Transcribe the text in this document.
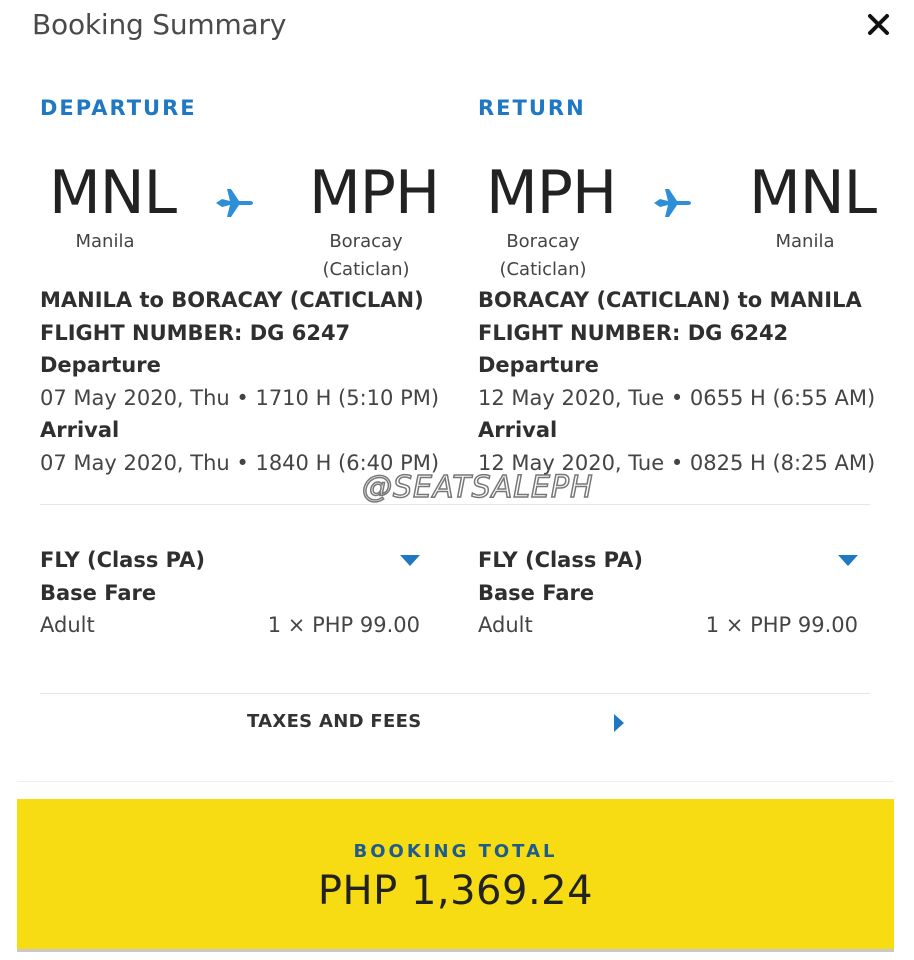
Booking Summary
DEPARTURE
MNL
Manila
MPH
Boracay
(Caticlan)
MANILA to BORACAY (CATICLAN)
FLIGHT NUMBER: DG 6247
Departure
07 May 2020, Thu • 1710 H (5:10 PM)
Arrival
07 May 2020, Thu • 1840 H (6:40 PM)
RETURN
MPH
Boracay
(Caticlan)
MNL
Manila
BORACAY (CATICLAN) to MANILA
FLIGHT NUMBER: DG 6242
Departure
12 May 2020, Tue • 0655 H (6:55 AM)
Arrival
12 May 2020, Tue • 0825 H (8:25 AM)
@SEATSALEPH
FLY (Class PA)
Base Fare
Adult	1 × PHP 99.00
FLY (Class PA)
Base Fare
Adult	1 × PHP 99.00
TAXES AND FEES
BOOKING TOTAL
PHP 1,369.24
